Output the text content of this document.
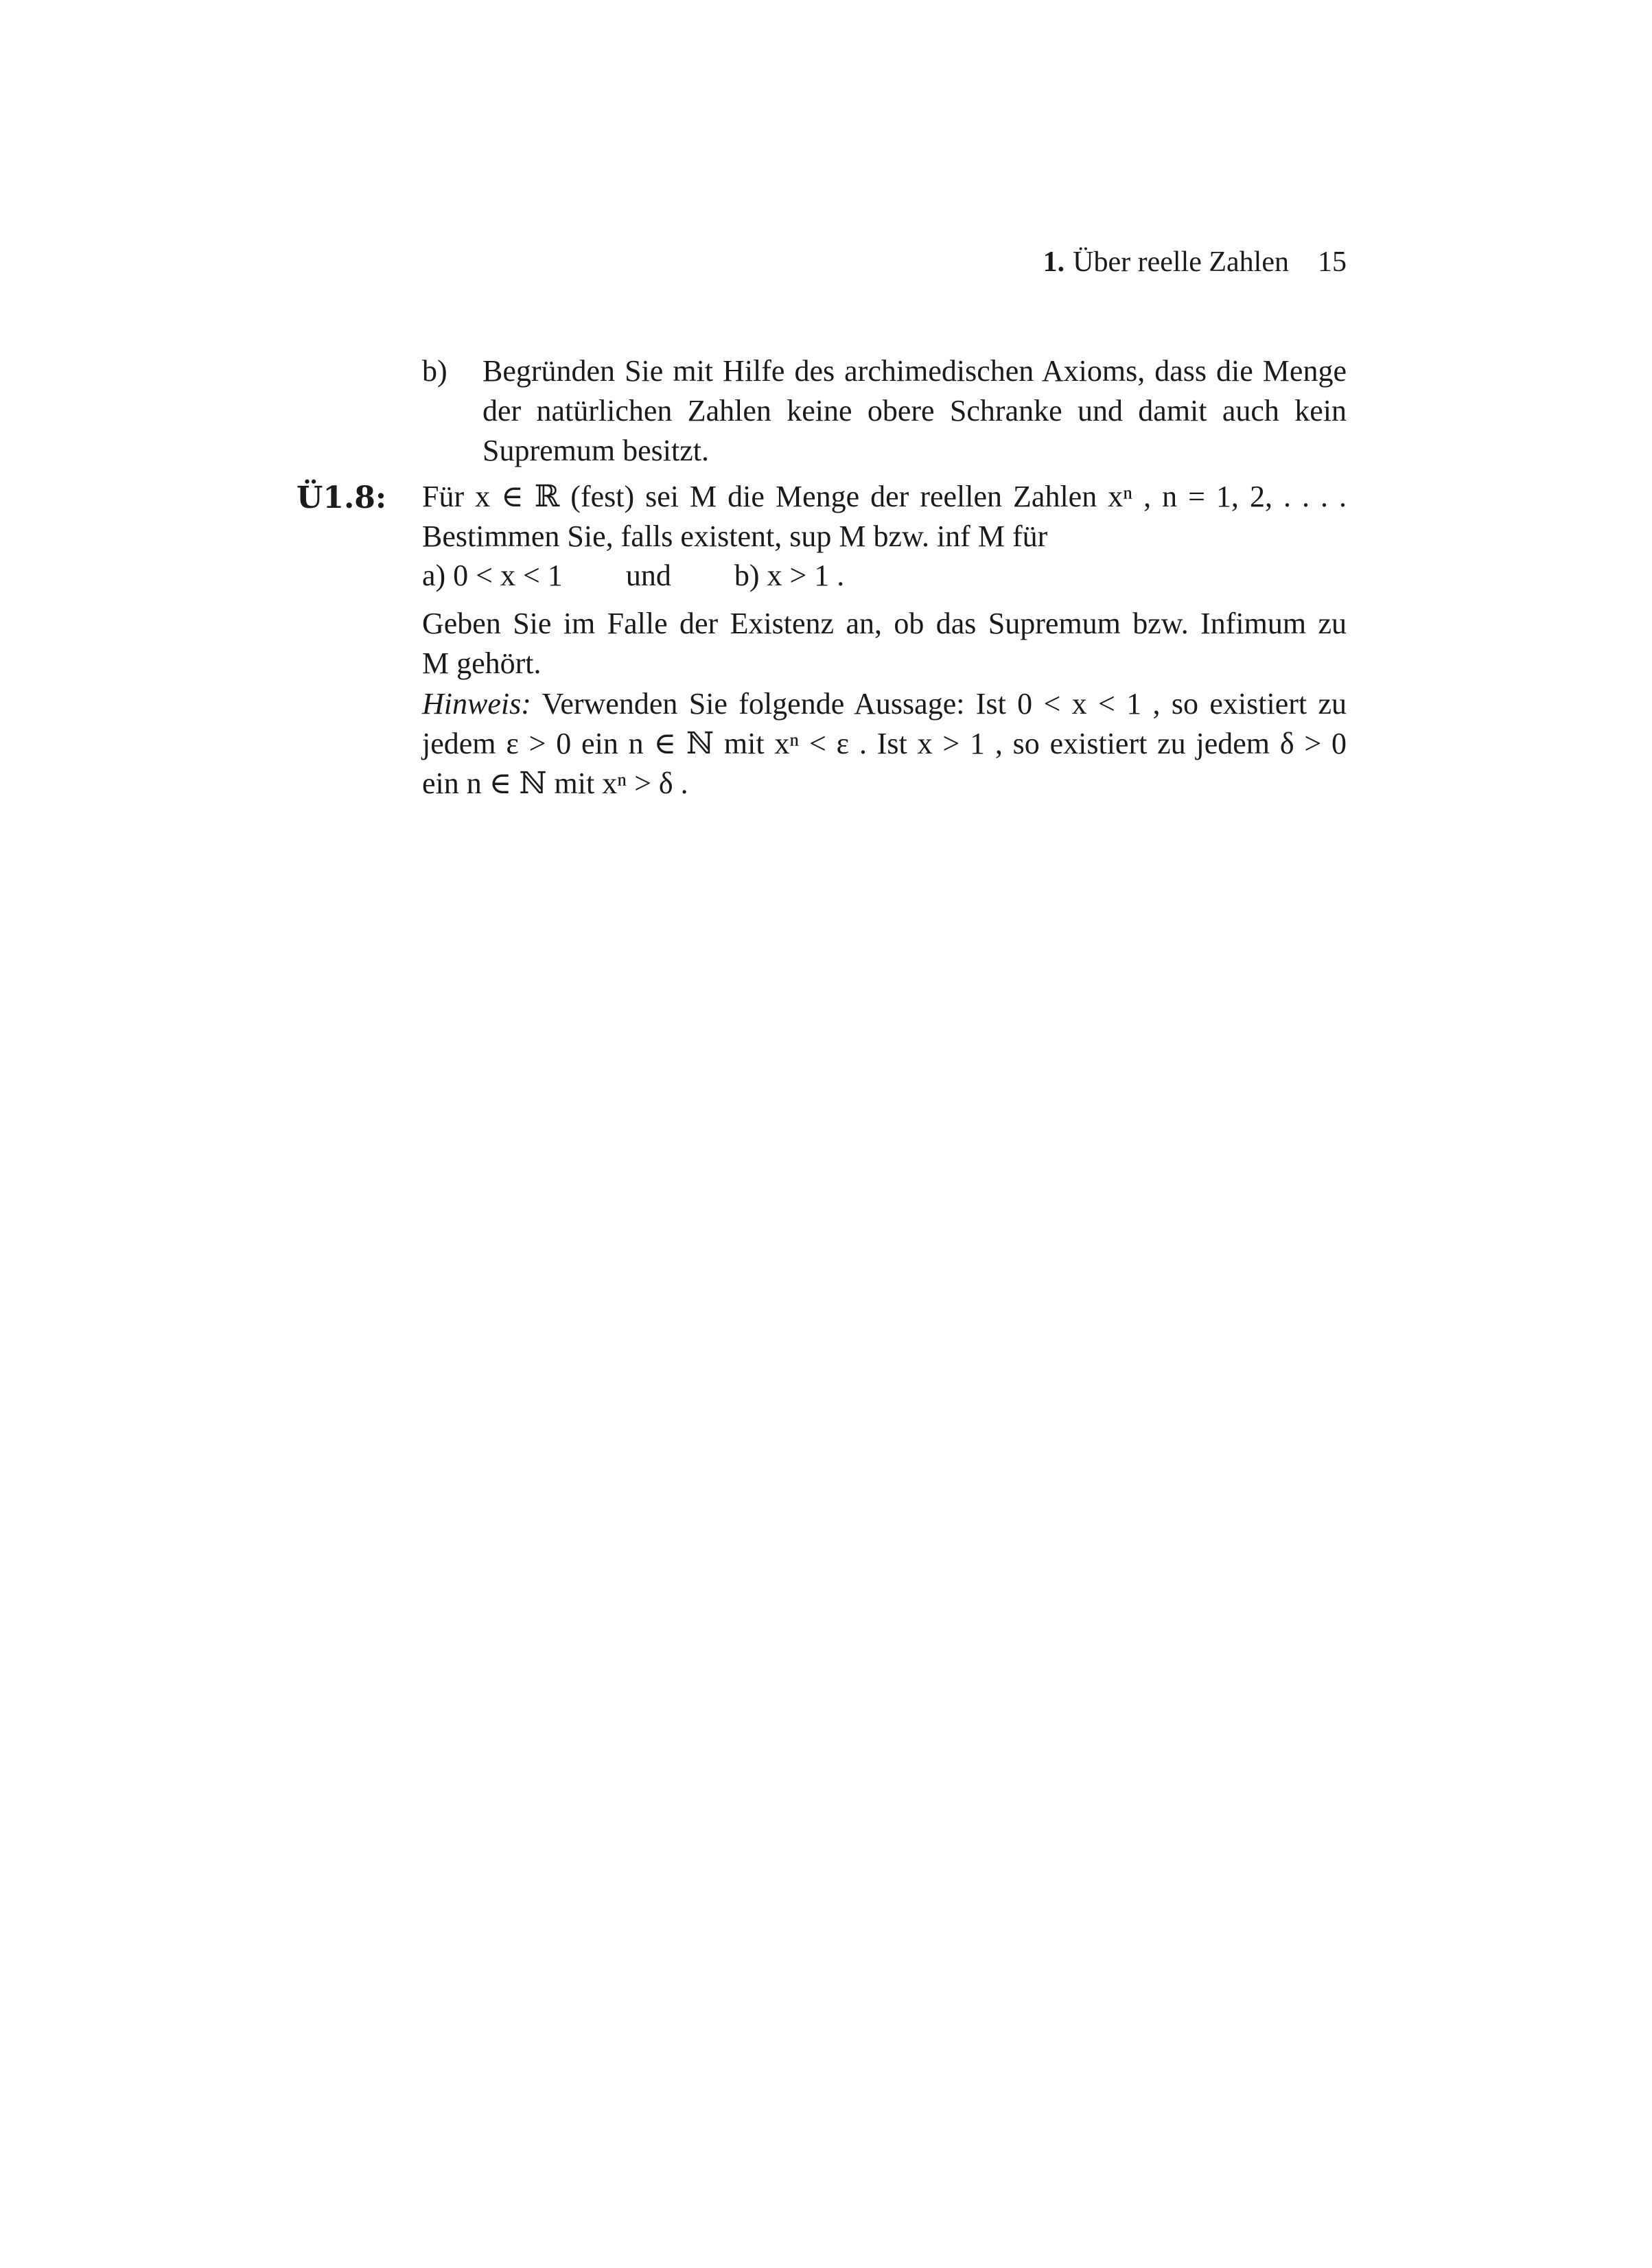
1. Über reelle Zahlen 15
b) Begründen Sie mit Hilfe des archimedischen Axioms, dass die Menge
der natürlichen Zahlen keine obere Schranke und damit auch kein
Supremum besitzt.
Ü1.8: Für x ∈ ℝ (fest) sei M die Menge der reellen Zahlen xⁿ , n = 1, 2, . . . .
Bestimmen Sie, falls existent, sup M bzw. inf M für
a) 0 < x < 1 und b) x > 1 .
Geben Sie im Falle der Existenz an, ob das Supremum bzw. Infimum zu
M gehört.
Hinweis: Verwenden Sie folgende Aussage: Ist 0 < x < 1 , so existiert zu
jedem ε > 0 ein n ∈ ℕ mit xⁿ < ε . Ist x > 1 , so existiert zu jedem δ > 0
ein n ∈ ℕ mit xⁿ > δ .
